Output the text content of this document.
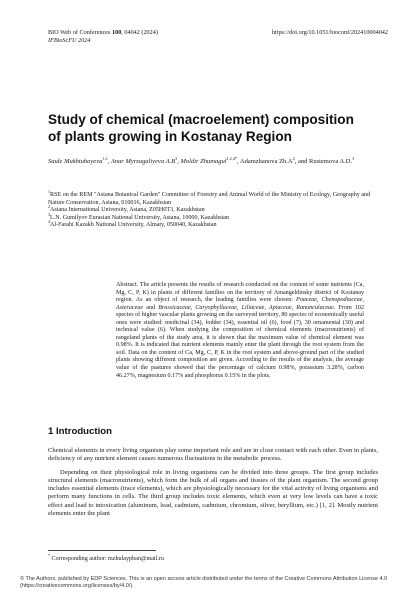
BIO Web of Conferences 100, 04042 (2024)
IFBioScFU 2024
https://doi.org/10.1051/bioconf/202410004042
Study of chemical (macroelement) composition of plants growing in Kostanay Region
Saule Mukhtubayeva$^{1,2}$, Anar Myrzagaliyeva $A.B^3$, Moldir Zhumagul$^{1,2,4*}$, Adamzhanova $Zh.A^2$, and Rustemova A.D.$^3$

$^1$RSE on the REM "Astana Botanical Garden" Committee of Forestry and Animal World of the Ministry of Ecology, Geography and Nature Conservation, Astana, 010016, Kazakhstan

$^2$Astana International University, Astana, Z05H0T3, Kazakhstan

$^3$L.N. Gumilyov Eurasian National University, Astana, 10000, Kazakhstan

$^4$Al-Farabi Kazakh National University, Almaty, 050040, Kazakhstan

Abstract. The article presents the results of research conducted on the content of some nutrients (Ca, Mg, C, P, K) in plants of different families on the territory of Amangeldinsky district of Kostanay region. As an object of research, the leading families were chosen: Poaceae, Chenopodiaceae, Asteraceae and Brassicaceae, Caryophyllaceae, Liliaceae, Apiaceae, Ranunculaceae. From 102 species of higher vascular plants growing on the surveyed territory, 80 species of economically useful ones were studied: medicinal (34), fodder (34), essential oil (6), food (7), 30 ornamental (30) and technical value (6). When studying the composition of chemical elements (macronutrients) of rangeland plants of the study area, it is shown that the maximum value of chemical element was 0.98%. It is indicated that nutrient elements mainly enter the plant through the root system from the soil. Data on the content of Ca, Mg, C, P, K in the root system and above-ground part of the studied plants showing different composition are given. According to the results of the analysis, the average value of the pastures showed that the percentage of calcium 0.98%, potassium 3.28%, carbon 46.27%, magnesium 0.17% and phosphorus 0.15% in the plots.
1 Introduction

Chemical elements in every living organism play some important role and are in close contact with each other. Even in plants, deficiency of any nutrient element causes numerous fluctuations in the metabolic process.

Depending on their physiological role in living organisms can be divided into three groups. The first group includes structural elements (macronutrients), which form the bulk of all organs and tissues of the plant organism. The second group includes essential elements (trace elements), which are physiologically necessary for the vital activity of living organisms and perform many functions in cells. The third group includes toxic elements, which even at very low levels can have a toxic effect and lead to intoxication (aluminum, lead, cadmium, cadmium, chromium, silver, beryllium, etc.) [1, 2]. Mostly nutrient elements enter the plant

* Corresponding author: mzhulaypban@mail.ru
© The Authors, published by EDP Sciences. This is an open access article distributed under the terms of the Creative Commons Attribution License 4.0 (https://creativecommons.org/licenses/by/4.0/).
